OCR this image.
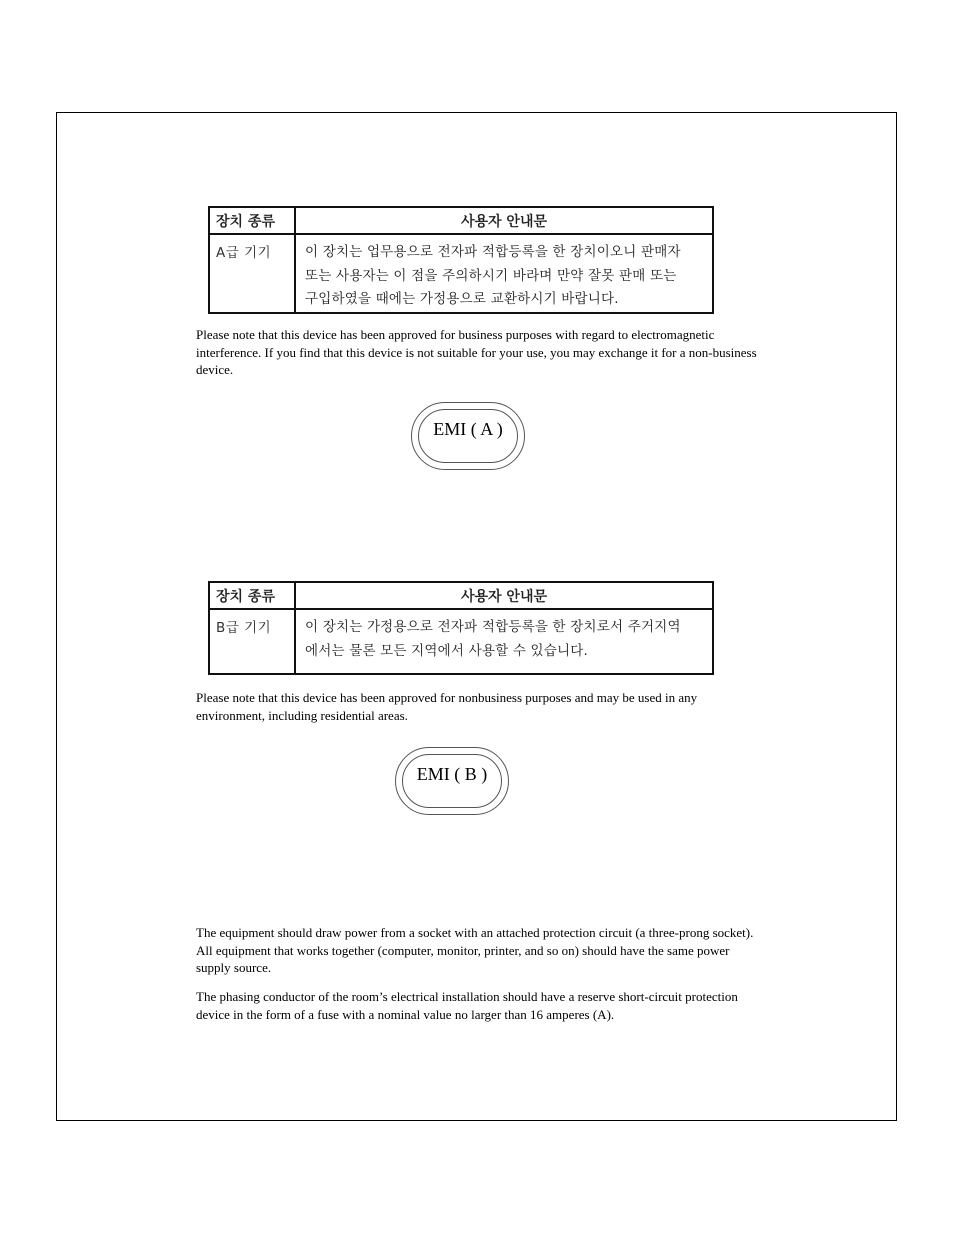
장치 종류	사용자 안내문
A급 기기	이 장치는 업무용으로 전자파 적합등록을 한 장치이오니 판매자
또는 사용자는 이 점을 주의하시기 바라며 만약 잘못 판매 또는
구입하였을 때에는 가정용으로 교환하시기 바랍니다.
Please note that this device has been approved for business purposes with regard to electromagnetic interference. If you find that this device is not suitable for your use, you may exchange it for a non-business device.
EMI ( A )
장치 종류	사용자 안내문
B급 기기	이 장치는 가정용으로 전자파 적합등록을 한 장치로서 주거지역
에서는 물론 모든 지역에서 사용할 수 있습니다.
Please note that this device has been approved for nonbusiness purposes and may be used in any environment, including residential areas.
EMI ( B )
The equipment should draw power from a socket with an attached protection circuit (a three-prong socket). All equipment that works together (computer, monitor, printer, and so on) should have the same power supply source.
The phasing conductor of the room’s electrical installation should have a reserve short-circuit protection device in the form of a fuse with a nominal value no larger than 16 amperes (A).
